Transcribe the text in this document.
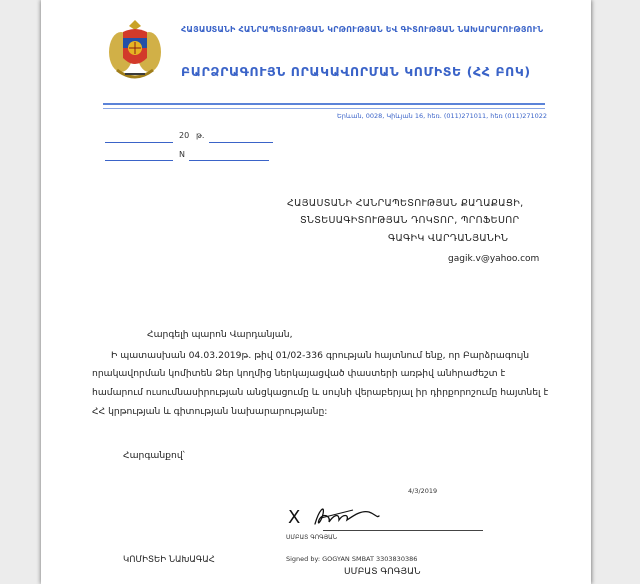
ՀԱՅԱՍՏԱՆԻ ՀԱՆՐԱՊԵՏՈՒԹՅԱՆ ԿՐԹՈՒԹՅԱՆ ԵՎ ԳԻՏՈՒԹՅԱՆ ՆԱԽԱՐԱՐՈՒԹՅՈՒՆ
ԲԱՐՁՐԱԳՈՒՅՆ ՈՐԱԿԱՎՈՐՄԱՆ ԿՈՄԻՏԵ (ՀՀ ԲՈԿ)
Երևան, 0028, Կիևյան 16, հեռ. (011)271011, հեռ (011)271022
20 թ.
N
ՀԱՅԱՍՏԱՆԻ ՀԱՆՐԱՊԵՏՈՒԹՅԱՆ ՔԱՂԱՔԱՑԻ,
ՏՆՏԵՍԱԳԻՏՈՒԹՅԱՆ ԴՈԿՏՈՐ, ՊՐՈՖԵՍՈՐ
ԳԱԳԻԿ ՎԱՐԴԱՆՅԱՆԻՆ
gagik.v@yahoo.com
Հարգելի պարոն Վարդանյան,
Ի պատասխան 04․03․2019թ․ թիվ 01/02-336 գրության հայտնում ենք, որ Բարձրագույն
որակավորման կոմիտեն Ձեր կողմից ներկայացված փաստերի առթիվ անհրաժեշտ է
համարում ուսումնասիրության անցկացումը և սույնի վերաբերյալ իր դիրքորոշումը հայտնել է
ՀՀ կրթության և գիտության նախարարությանը:
Հարգանքով՝
4/3/2019
X
ՍՄԲԱՏ ԳՈԳՅԱՆ
Signed by: GOGYAN SMBAT 3303830386
ԿՈՄԻՏԵԻ ՆԱԽԱԳԱՀ
ՍՄԲԱՏ ԳՈԳՅԱՆ
